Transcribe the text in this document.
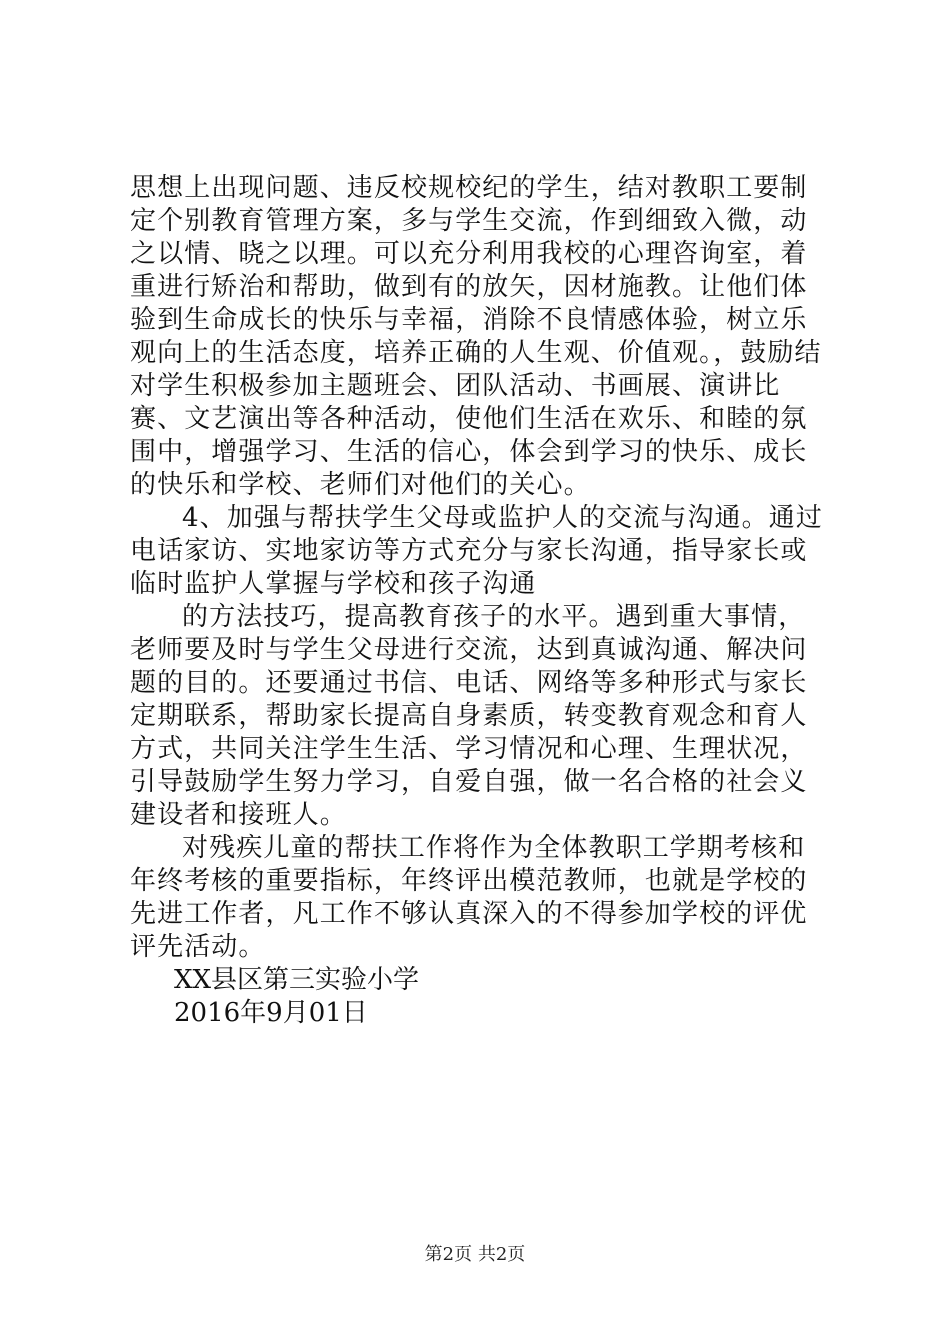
思想上出现问题、违反校规校纪的学生，结对教职工要制定个别教育管理方案，多与学生交流，作到细致入微，动之以情、晓之以理。可以充分利用我校的心理咨询室，着重进行矫治和帮助，做到有的放矢，因材施教。让他们体验到生命成长的快乐与幸福，消除不良情感体验，树立乐观向上的生活态度，培养正确的人生观、价值观。，鼓励结对学生积极参加主题班会、团队活动、书画展、演讲比赛、文艺演出等各种活动，使他们生活在欢乐、和睦的氛围中，增强学习、生活的信心，体会到学习的快乐、成长的快乐和学校、老师们对他们的关心。

4、加强与帮扶学生父母或监护人的交流与沟通。通过电话家访、实地家访等方式充分与家长沟通，指导家长或临时监护人掌握与学校和孩子沟通

的方法技巧，提高教育孩子的水平。遇到重大事情，老师要及时与学生父母进行交流，达到真诚沟通、解决问题的目的。还要通过书信、电话、网络等多种形式与家长定期联系，帮助家长提高自身素质，转变教育观念和育人方式，共同关注学生生活、学习情况和心理、生理状况，引导鼓励学生努力学习，自爱自强，做一名合格的社会义建设者和接班人。

对残疾儿童的帮扶工作将作为全体教职工学期考核和年终考核的重要指标，年终评出模范教师，也就是学校的先进工作者，凡工作不够认真深入的不得参加学校的评优评先活动。

XX县区第三实验小学

2016年9月01日

第2页 共2页
